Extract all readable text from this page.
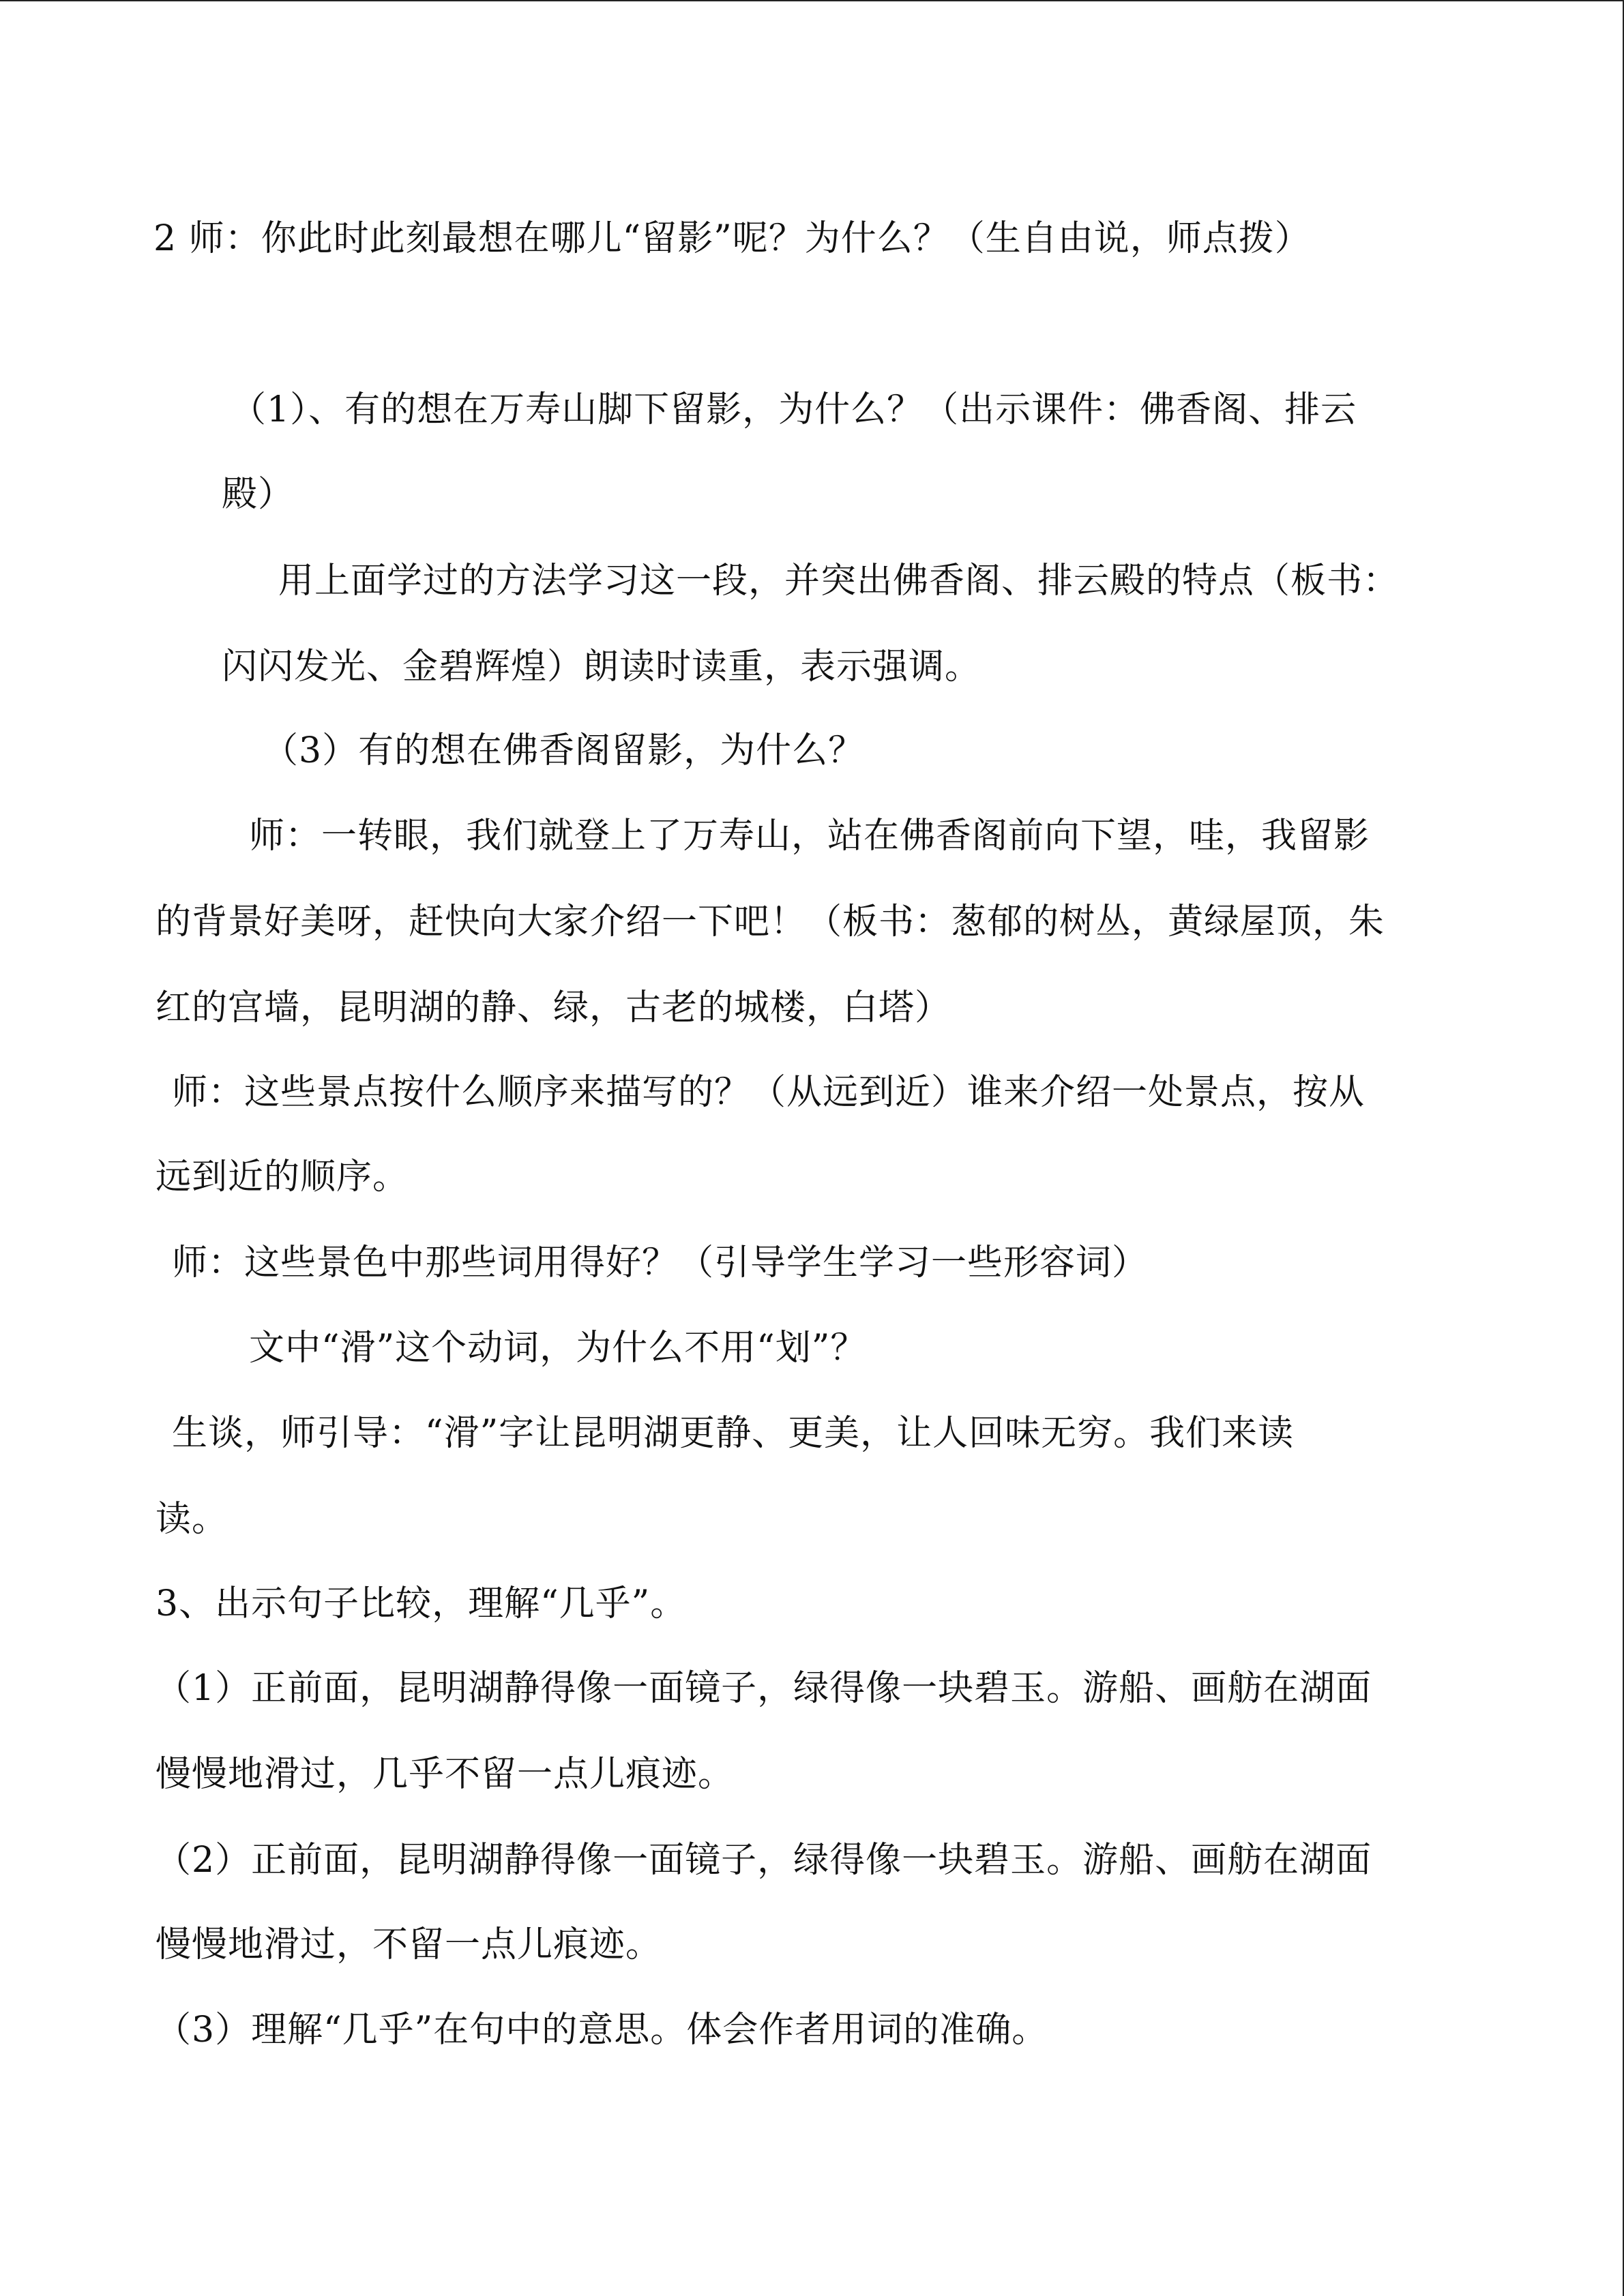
2 师：你此时此刻最想在哪儿“留影”呢？为什么？（生自由说，师点拨）

（1）、有的想在万寿山脚下留影，为什么？（出示课件：佛香阁、排云

殿）

用上面学过的方法学习这一段，并突出佛香阁、排云殿的特点（板书：

闪闪发光、金碧辉煌）朗读时读重，表示强调。

（3）有的想在佛香阁留影，为什么？

师：一转眼，我们就登上了万寿山，站在佛香阁前向下望，哇，我留影

的背景好美呀，赶快向大家介绍一下吧！（板书：葱郁的树丛，黄绿屋顶，朱

红的宫墙，昆明湖的静、绿，古老的城楼，白塔）

师：这些景点按什么顺序来描写的？（从远到近）谁来介绍一处景点，按从

远到近的顺序。

师：这些景色中那些词用得好？（引导学生学习一些形容词）

文中“滑”这个动词，为什么不用“划”？

生谈，师引导：“滑”字让昆明湖更静、更美，让人回味无穷。我们来读

读。

3、出示句子比较，理解“几乎”。

（1）正前面，昆明湖静得像一面镜子，绿得像一块碧玉。游船、画舫在湖面

慢慢地滑过，几乎不留一点儿痕迹。

（2）正前面，昆明湖静得像一面镜子，绿得像一块碧玉。游船、画舫在湖面

慢慢地滑过，不留一点儿痕迹。

（3）理解“几乎”在句中的意思。体会作者用词的准确。
